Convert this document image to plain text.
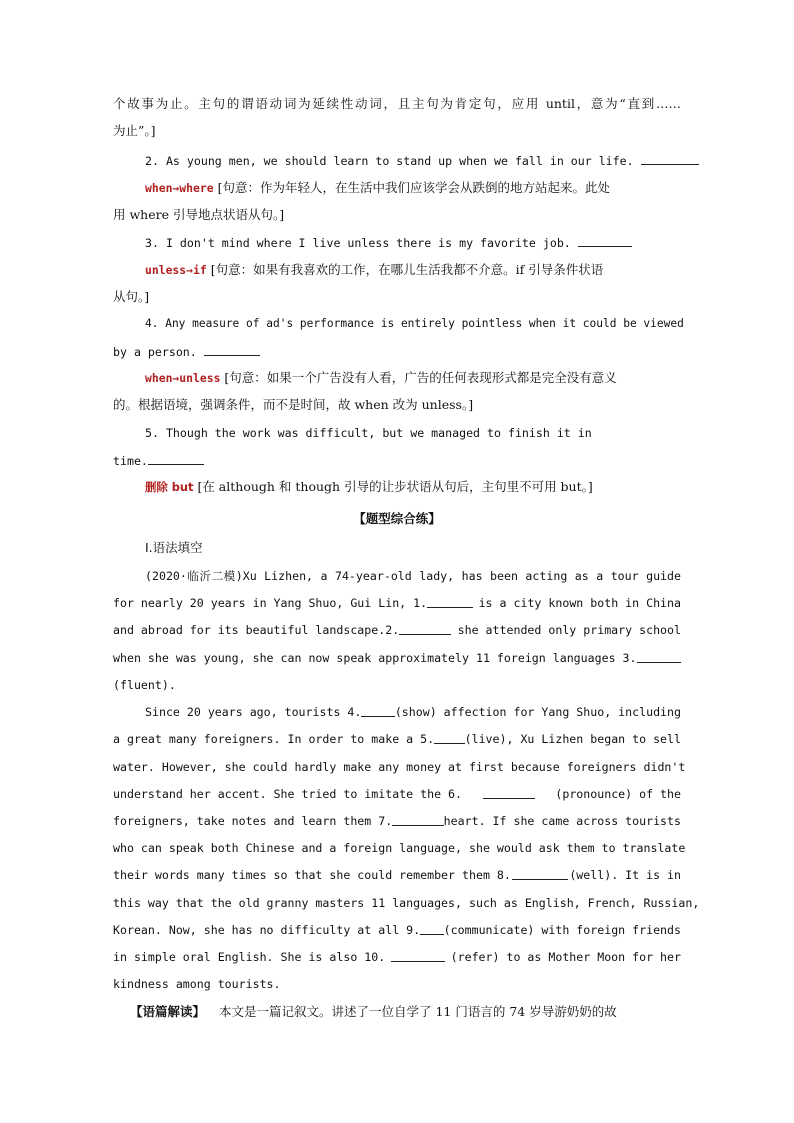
个故事为止。主句的谓语动词为延续性动词，且主句为肯定句，应用 until，意为“直到……
为止”。]
2. As young men, we should learn to stand up when we fall in our life.
when→where [句意：作为年轻人，在生活中我们应该学会从跌倒的地方站起来。此处
用 where 引导地点状语从句。]
3. I don't mind where I live unless there is my favorite job.
unless→if [句意：如果有我喜欢的工作，在哪儿生活我都不介意。if 引导条件状语
从句。]
4. Any measure of ad's performance is entirely pointless when it could be viewed
by a person.
when→unless [句意：如果一个广告没有人看，广告的任何表现形式都是完全没有意义
的。根据语境，强调条件，而不是时间，故 when 改为 unless。]
5. Though the work was difficult, but we managed to finish it in
time.
删除 but [在 although 和 though 引导的让步状语从句后，主句里不可用 but。]
【题型综合练】
Ⅰ.语法填空
(2020·临沂二模)Xu Lizhen, a 74-year-old lady, has been acting as a tour guide
for nearly 20 years in Yang Shuo, Gui Lin, 1.	is a city known both in China
and abroad for its beautiful landscape.2.	she attended only primary school
when she was young, she can now speak approximately 11 foreign languages 3.
(fluent).
Since 20 years ago, tourists 4.	(show) affection for Yang Shuo, including
a great many foreigners. In order to make a 5.	(live), Xu Lizhen began to sell
water. However, she could hardly make any money at first because foreigners didn't
understand her accent. She tried to imitate the 6.	(pronounce) of the
foreigners, take notes and learn them 7.	heart. If she came across tourists
who can speak both Chinese and a foreign language, she would ask them to translate
their words many times so that she could remember them 8.	(well). It is in
this way that the old granny masters 11 languages, such as English, French, Russian,
Korean. Now, she has no difficulty at all 9. (communicate) with foreign friends
in simple oral English. She is also 10.	(refer) to as Mother Moon for her
kindness among tourists.
【语篇解读】 本文是一篇记叙文。讲述了一位自学了 11 门语言的 74 岁导游奶奶的故
